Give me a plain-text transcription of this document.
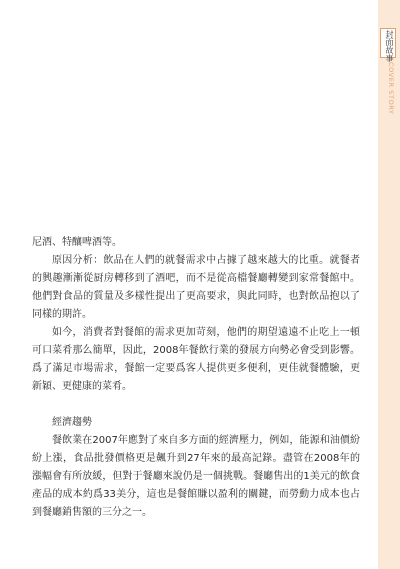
封面故事
COVER STORY

尼酒、特釀啤酒等。

原因分析：飲品在人們的就餐需求中占據了越來越大的比重。就餐者的興趣漸漸從厨房轉移到了酒吧，而不是從高檔餐廳轉變到家常餐館中。他們對食品的質量及多樣性提出了更高要求，與此同時，也對飲品抱以了同樣的期許。

如今，消費者對餐館的需求更加苛刻，他們的期望遠遠不止吃上一頓可口菜肴那么簡單，因此，2008年餐飲行業的發展方向勢必會受到影響。爲了滿足市場需求，餐館一定要爲客人提供更多便利，更佳就餐體驗，更新穎、更健康的菜肴。

經濟趨勢

餐飲業在2007年應對了來自多方面的經濟壓力，例如，能源和油價紛紛上漲，食品批發價格更是飆升到27年來的最高記錄。盡管在2008年的漲幅會有所放緩，但對于餐廳來說仍是一個挑戰。餐廳售出的1美元的飲食產品的成本約爲33美分，這也是餐館賺以盈利的關鍵，而勞動力成本也占到餐廳銷售額的三分之一。
